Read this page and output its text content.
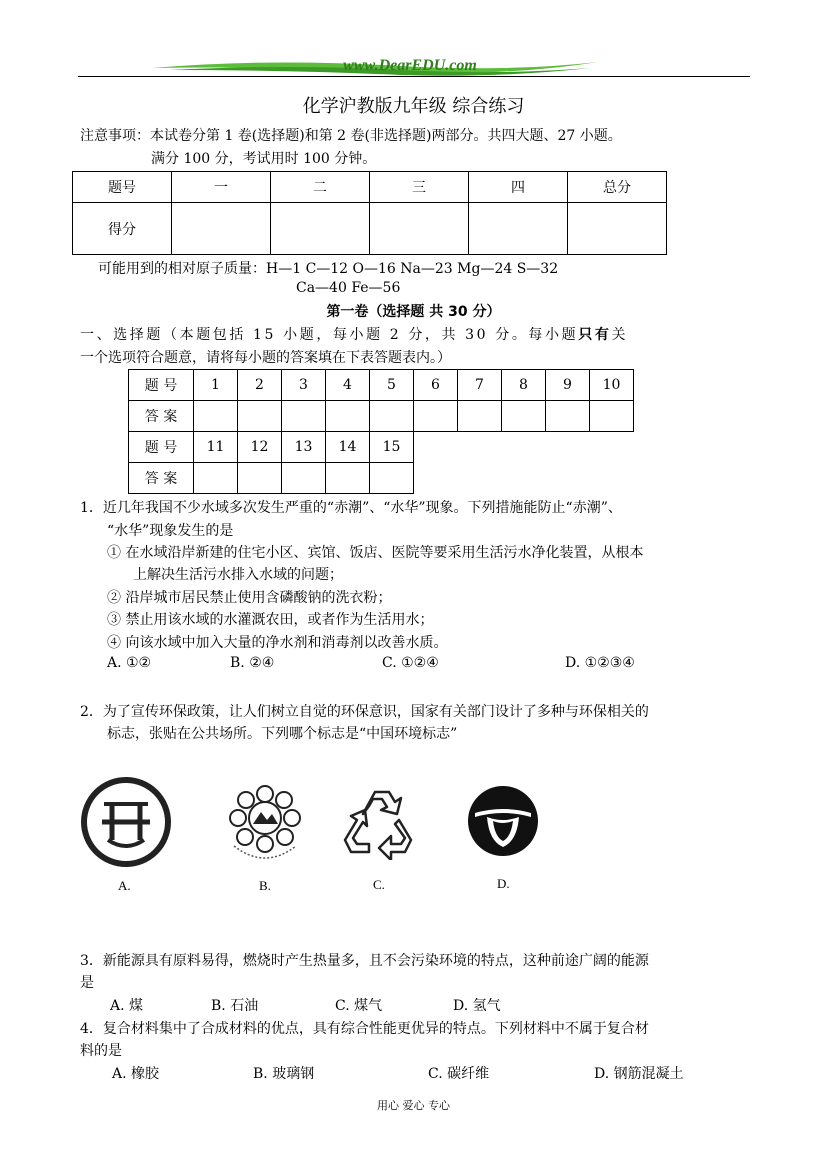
www.DearEDU.com
化学沪教版九年级 综合练习
注意事项：本试卷分第 1 卷(选择题)和第 2 卷(非选择题)两部分。共四大题、27 小题。
满分 100 分，考试用时 100 分钟。
题号	一	二	三	四	总分
得分					
可能用到的相对原子质量：H—1 C—12 O—16 Na—23 Mg—24 S—32
Ca—40 Fe—56
第一卷（选择题 共 30 分）
一、选择题（本题包括 15 小题，每小题 2 分，共 30 分。每小题只有关
一个选项符合题意，请将每小题的答案填在下表答题表内。）
题 号	1	2	3	4	5	6	7	8	9	10
答 案										
题 号	11	12	13	14	15					
答 案										
1．近几年我国不少水域多次发生严重的“赤潮”、“水华”现象。下列措施能防止“赤潮”、
“水华”现象发生的是
① 在水域沿岸新建的住宅小区、宾馆、饭店、医院等要采用生活污水净化装置，从根本
上解决生活污水排入水域的问题；
② 沿岸城市居民禁止使用含磷酸钠的洗衣粉；
③ 禁止用该水域的水灌溉农田，或者作为生活用水；
④ 向该水域中加入大量的净水剂和消毒剂以改善水质。
A. ①②	B. ②④	C. ①②④	D. ①②③④
2．为了宣传环保政策，让人们树立自觉的环保意识，国家有关部门设计了多种与环保相关的
标志，张贴在公共场所。下列哪个标志是“中国环境标志”
A.	B.	C.	D.
3．新能源具有原料易得，燃烧时产生热量多，且不会污染环境的特点，这种前途广阔的能源
是
A. 煤	B. 石油	C. 煤气	D. 氢气
4．复合材料集中了合成材料的优点，具有综合性能更优异的特点。下列材料中不属于复合材
料的是
A. 橡胶	B. 玻璃钢	C. 碳纤维	D. 钢筋混凝土
用心 爱心 专心
